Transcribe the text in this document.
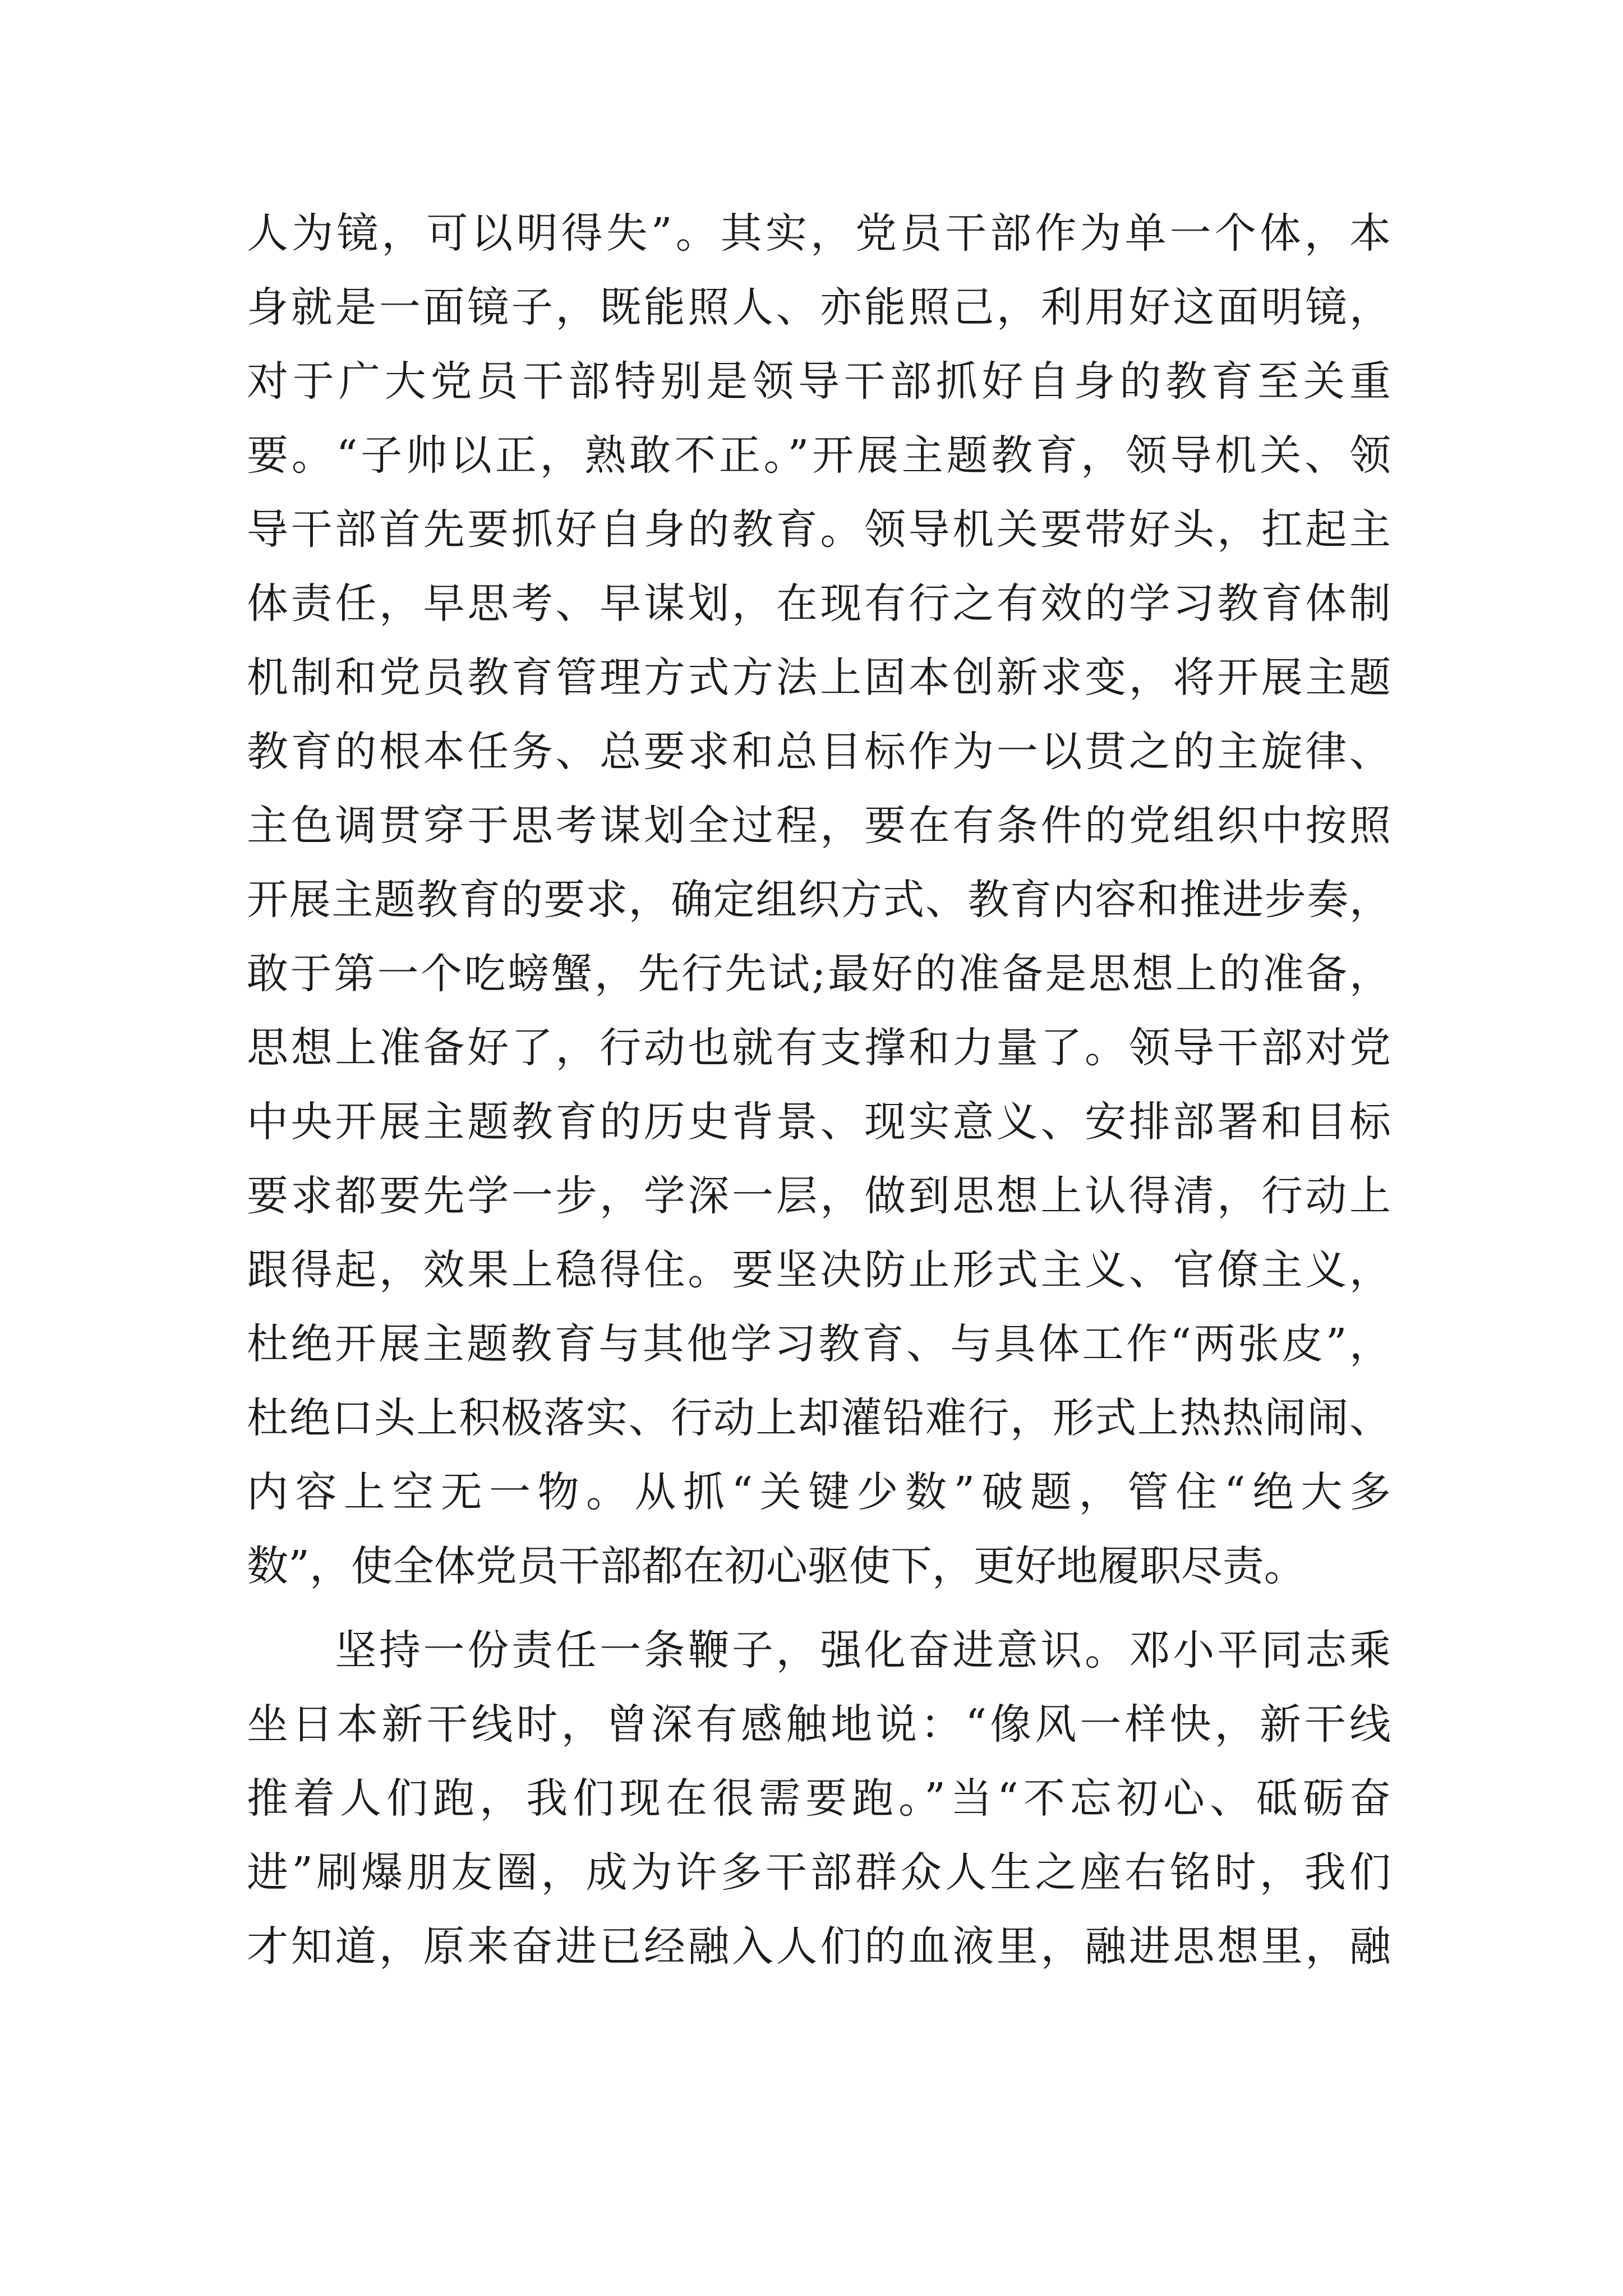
人为镜，可以明得失”。其实，党员干部作为单一个体，本
身就是一面镜子，既能照人、亦能照己，利用好这面明镜，
对于广大党员干部特别是领导干部抓好自身的教育至关重
要。“子帅以正，熟敢不正。”开展主题教育，领导机关、领
导干部首先要抓好自身的教育。领导机关要带好头，扛起主
体责任，早思考、早谋划，在现有行之有效的学习教育体制
机制和党员教育管理方式方法上固本创新求变，将开展主题
教育的根本任务、总要求和总目标作为一以贯之的主旋律、
主色调贯穿于思考谋划全过程，要在有条件的党组织中按照
开展主题教育的要求，确定组织方式、教育内容和推进步奏，
敢于第一个吃螃蟹，先行先试;最好的准备是思想上的准备，
思想上准备好了，行动也就有支撑和力量了。领导干部对党
中央开展主题教育的历史背景、现实意义、安排部署和目标
要求都要先学一步，学深一层，做到思想上认得清，行动上
跟得起，效果上稳得住。要坚决防止形式主义、官僚主义，
杜绝开展主题教育与其他学习教育、与具体工作“两张皮”，
杜绝口头上积极落实、行动上却灌铅难行，形式上热热闹闹、
内容上空无一物。从抓“关键少数”破题，管住“绝大多
数”，使全体党员干部都在初心驱使下，更好地履职尽责。
　　坚持一份责任一条鞭子，强化奋进意识。邓小平同志乘
坐日本新干线时，曾深有感触地说：“像风一样快，新干线
推着人们跑，我们现在很需要跑。”当“不忘初心、砥砺奋
进”刷爆朋友圈，成为许多干部群众人生之座右铭时，我们
才知道，原来奋进已经融入人们的血液里，融进思想里，融
